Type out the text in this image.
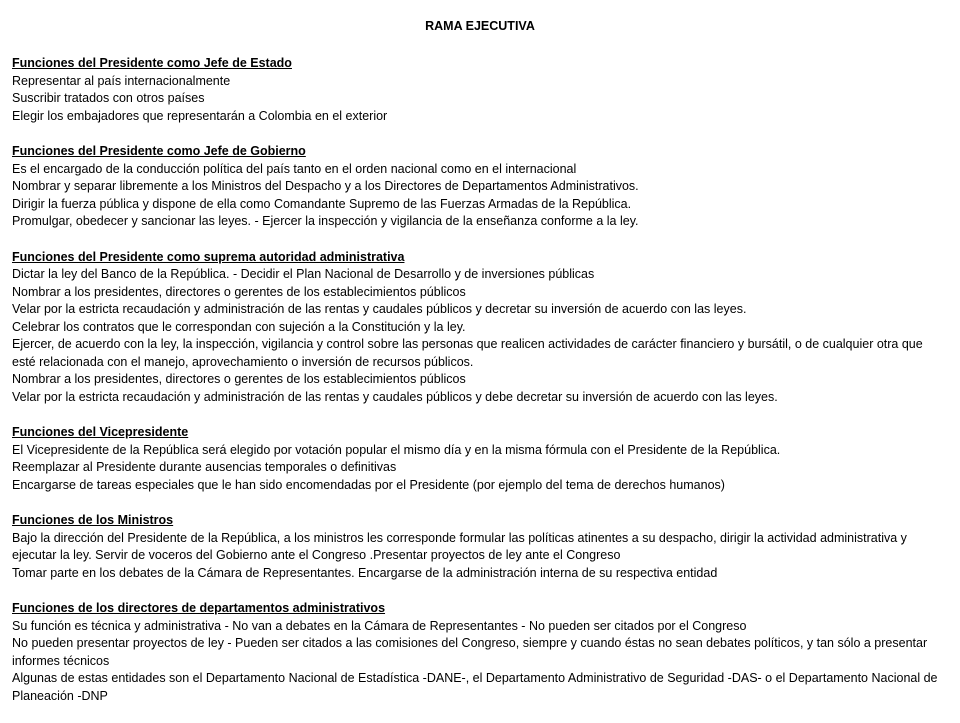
RAMA EJECUTIVA
Funciones del Presidente como Jefe de Estado
Representar al país internacionalmente
Suscribir tratados con otros países
Elegir los embajadores que representarán a Colombia en el exterior
Funciones del Presidente como Jefe de Gobierno
Es el encargado de la conducción política del país tanto en el orden nacional como en el internacional
Nombrar y separar libremente a los Ministros del Despacho y a los Directores de Departamentos Administrativos.
Dirigir la fuerza pública y dispone de ella como Comandante Supremo de las Fuerzas Armadas de la República.
Promulgar, obedecer y sancionar las leyes. - Ejercer la inspección y vigilancia de la enseñanza conforme a la ley.
Funciones del Presidente como suprema autoridad administrativa
Dictar la ley del Banco de la República. - Decidir el Plan Nacional de Desarrollo y de inversiones públicas
Nombrar a los presidentes, directores o gerentes de los establecimientos públicos
Velar por la estricta recaudación y administración de las rentas y caudales públicos y decretar su inversión de acuerdo con las leyes.
Celebrar los contratos que le correspondan con sujeción a la Constitución y la ley.
Ejercer, de acuerdo con la ley, la inspección, vigilancia y control sobre las personas que realicen actividades de carácter financiero y bursátil, o de cualquier otra que esté relacionada con el manejo, aprovechamiento o inversión de recursos públicos.
Nombrar a los presidentes, directores o gerentes de los establecimientos públicos
Velar por la estricta recaudación y administración de las rentas y caudales públicos y debe decretar su inversión de acuerdo con las leyes.
Funciones del Vicepresidente
El Vicepresidente de la República será elegido por votación popular el mismo día y en la misma fórmula con el Presidente de la República.
Reemplazar al Presidente durante ausencias temporales o definitivas
Encargarse de tareas especiales que le han sido encomendadas por el Presidente (por ejemplo del tema de derechos humanos)
Funciones de los Ministros
Bajo la dirección del Presidente de la República, a los ministros les corresponde formular las políticas atinentes a su despacho, dirigir la actividad administrativa y ejecutar la ley. Servir de voceros del Gobierno ante el Congreso .Presentar proyectos de ley ante el Congreso
Tomar parte en los debates de la Cámara de Representantes. Encargarse de la administración interna de su respectiva entidad
Funciones de los directores de departamentos administrativos
Su función es técnica y administrativa - No van a debates en la Cámara de Representantes - No pueden ser citados por el Congreso
No pueden presentar proyectos de ley - Pueden ser citados a las comisiones del Congreso, siempre y cuando éstas no sean debates políticos, y tan sólo a presentar informes técnicos
Algunas de estas entidades son el Departamento Nacional de Estadística -DANE-, el Departamento Administrativo de Seguridad -DAS- o el Departamento Nacional de Planeación -DNP
